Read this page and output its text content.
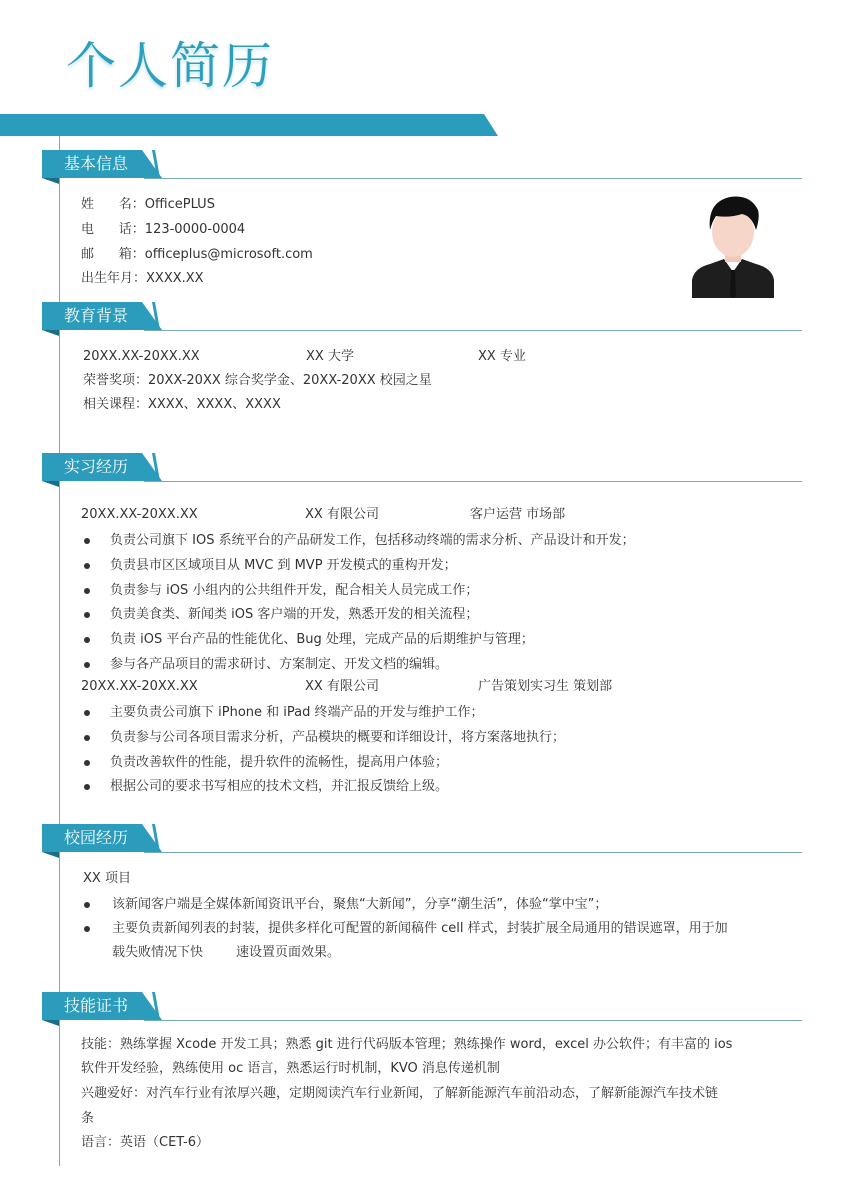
个人简历
基本信息
姓      名：OfficePLUS
电      话：123-0000-0004
邮      箱：officeplus@microsoft.com
出生年月：XXXX.XX
教育背景
20XX.XX-20XX.XX	XX 大学	XX 专业
荣誉奖项：20XX-20XX 综合奖学金、20XX-20XX 校园之星
相关课程：XXXX、XXXX、XXXX
实习经历
20XX.XX-20XX.XX	XX 有限公司	客户运营 市场部
负责公司旗下 IOS 系统平台的产品研发工作，包括移动终端的需求分析、产品设计和开发；
负责县市区区域项目从 MVC 到 MVP 开发模式的重构开发；
负责参与 iOS 小组内的公共组件开发，配合相关人员完成工作；
负责美食类、新闻类 iOS 客户端的开发，熟悉开发的相关流程；
负责 iOS 平台产品的性能优化、Bug 处理，完成产品的后期维护与管理；
参与各产品项目的需求研讨、方案制定、开发文档的编辑。
20XX.XX-20XX.XX	XX 有限公司	广告策划实习生 策划部
主要负责公司旗下 iPhone 和 iPad 终端产品的开发与维护工作；
负责参与公司各项目需求分析，产品模块的概要和详细设计，将方案落地执行；
负责改善软件的性能，提升软件的流畅性，提高用户体验；
根据公司的要求书写相应的技术文档，并汇报反馈给上级。
校园经历
XX 项目
该新闻客户端是全媒体新闻资讯平台，聚焦“大新闻”，分享“潮生活”，体验“掌中宝”；
主要负责新闻列表的封装，提供多样化可配置的新闻稿件 cell 样式，封装扩展全局通用的错误遮罩，用于加
载失败情况下快        速设置页面效果。
技能证书
技能：熟练掌握 Xcode 开发工具；熟悉 git 进行代码版本管理；熟练操作 word，excel 办公软件；有丰富的 ios
软件开发经验，熟练使用 oc 语言，熟悉运行时机制，KVO 消息传递机制
兴趣爱好：对汽车行业有浓厚兴趣，定期阅读汽车行业新闻，了解新能源汽车前沿动态，了解新能源汽车技术链
条
语言：英语（CET-6）
